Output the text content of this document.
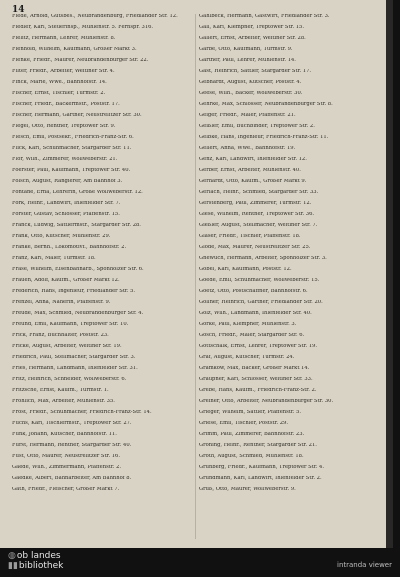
14

Fiede, Arnold, Gutsbes., Neubrandenburg, Friedländer Str. 12.

Fiedler, Karl, Steuerinsp., Mühlenstr. 5. Fernspr. 316.

Fielitz, Hermann, Lehrer, Mühlenstr. 8.

Fienhold, Wilhelm, Kaufmann, Großer Markt 3.

Fienke, Friedr., Maurer, Neubrandenburger Str. 22.

Filter, Friedr., Arbeiter, Weitiner Str. 4.

Finck, Marie, Wwe., Bahnhofstr. 14.

Fischer, Ernst, Tischler, Turmstr. 2.

Fischer, Friedr., Bäckermstr., Poststr. 17.

Fischer, Hermann, Gärtner, Neustrelitzer Str. 30.

Flegel, Otto, Rentner, Treptower Str. 9.

Flesch, Emil, Postsekr., Friedrich-Franz-Str. 6.

Flick, Karl, Schuhmacher, Stargarder Str. 11.

Flor, Wilh., Zimmerer, Wollweberstr. 21.

Foerster, Paul, Kaufmann, Treptower Str. 40.

Fölsch, August, Rangierer, Am Bahnhof 3.

Fontane, Erna, Lehrerin, Große Wollweberstr. 12.

Fork, Heinr., Landwirt, Ihlenfelder Str. 7.

Förster, Gustav, Schlosser, Pfaffenstr. 15.

Franck, Ludwig, Sattlermstr., Stargarder Str. 28.

Frank, Otto, Kutscher, Mühlenstr. 29.

Franke, Bernh., Lokomotivf., Bahnhofstr. 2.

Franz, Karl, Maler, Turmstr. 18.

Frase, Wilhelm, Eisenbahnarb., Sponholzer Str. 6.

Frauen, Adolf, Kaufm., Großer Markt 12.

Frederich, Hans, Ingenieur, Friedländer Str. 5.

Frenzel, Anna, Näherin, Pfaffenstr. 9.

Freude, Max, Schmied, Neubrandenburger Str. 4.

Freund, Emil, Kaufmann, Treptower Str. 10.

Frick, Franz, Buchhalter, Poststr. 23.

Fricke, August, Arbeiter, Weitiner Str. 19.

Friedrich, Paul, Stellmacher, Stargarder Str. 3.

Fries, Hermann, Landmann, Ihlenfelder Str. 31.

Fritz, Heinrich, Schneider, Wollweberstr. 6.

Fritzsche, Ernst, Kaufm., Turmstr. 1.

Fröhlich, Max, Arbeiter, Mühlenstr. 35.

Frost, Friedr., Schuhmacher, Friedrich-Franz-Str. 14.

Fuchs, Karl, Tischlermstr., Treptower Str. 27.

Funk, Johann, Kutscher, Bahnhofstr. 11.

Fürst, Hermann, Rentner, Stargarder Str. 40.

Fust, Otto, Maurer, Neustrelitzer Str. 16.

Gaede, Wilh., Zimmermann, Pfaffenstr. 2.

Gaedke, Albert, Bahnarbeiter, Am Bahnhof 8.

Gäth, Friedr., Fleischer, Großer Markt 7.

Gahlbeck, Hermann, Gastwirt, Friedländer Str. 3.

Gall, Karl, Klempner, Treptower Str. 15.

Gallert, Ernst, Arbeiter, Weitiner Str. 28.

Garbe, Otto, Kaufmann, Turmstr. 9.

Gärtner, Paul, Lehrer, Mühlenstr. 14.

Gast, Heinrich, Sattler, Stargarder Str. 17.

Gebhardt, August, Kutscher, Poststr. 4.

Geese, Wilh., Bäcker, Wollweberstr. 30.

Gehrke, Max, Schlosser, Neubrandenburger Str. 8.

Geiger, Friedr., Maler, Pfaffenstr. 21.

Geißler, Emil, Buchbinder, Treptower Str. 2.

Gelbke, Hans, Ingenieur, Friedrich-Franz-Str. 11.

Gellert, Anna, Wwe., Bahnhofstr. 19.

Genz, Karl, Landwirt, Ihlenfelder Str. 12.

Gerber, Ernst, Arbeiter, Mühlenstr. 40.

Gerhardt, Otto, Kaufm., Großer Markt 9.

Gerlach, Heinr., Schmied, Stargarder Str. 33.

Gerstenberg, Paul, Zimmerer, Turmstr. 12.

Giese, Wilhelm, Rentner, Treptower Str. 36.

Gießler, August, Stellmacher, Weitiner Str. 7.

Glaser, Friedr., Tischler, Pfaffenstr. 18.

Glöde, Max, Maurer, Neustrelitzer Str. 25.

Gnewuch, Hermann, Arbeiter, Sponholzer Str. 3.

Göbel, Karl, Kaufmann, Poststr. 12.

Goede, Emil, Schuhmacher, Wollweberstr. 15.

Goetz, Otto, Postschaffner, Bahnhofstr. 6.

Göllner, Heinrich, Gärtner, Friedländer Str. 20.

Golz, Wilh., Landmann, Ihlenfelder Str. 40.

Gorke, Paul, Klempner, Mühlenstr. 3.

Gosch, Friedr., Maler, Stargarder Str. 6.

Gottschalk, Ernst, Lehrer, Treptower Str. 19.

Graf, August, Kutscher, Turmstr. 24.

Gramkow, Max, Bäcker, Großer Markt 14.

Graupner, Karl, Schlosser, Weitiner Str. 33.

Grebe, Hans, Kaufm., Friedrich-Franz-Str. 2.

Greiner, Otto, Arbeiter, Neubrandenburger Str. 30.

Grieger, Wilhelm, Sattler, Pfaffenstr. 5.

Griese, Emil, Tischler, Poststr. 29.

Grimm, Paul, Zimmerer, Bahnhofstr. 23.

Gröning, Heinr., Rentner, Stargarder Str. 21.

Groth, August, Schmied, Mühlenstr. 18.

Grünberg, Friedr., Kaufmann, Treptower Str. 4.

Grundmann, Karl, Landwirt, Ihlenfelder Str. 2.

Gruß, Otto, Maurer, Wollweberstr. 9.

◍ob landes
▮▮bibliothek	intranda viewer
